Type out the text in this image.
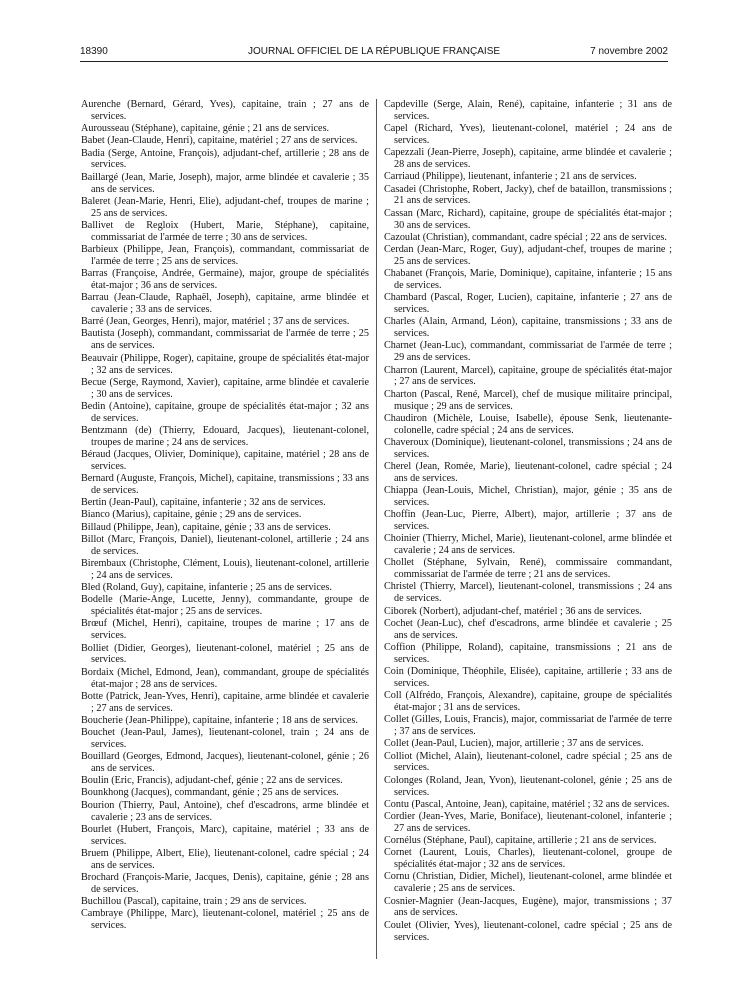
18390	JOURNAL OFFICIEL DE LA RÉPUBLIQUE FRANÇAISE	7 novembre 2002
Aurenche (Bernard, Gérard, Yves), capitaine, train ; 27 ans de services.
Aurousseau (Stéphane), capitaine, génie ; 21 ans de services.
Babet (Jean-Claude, Henri), capitaine, matériel ; 27 ans de services.
Badia (Serge, Antoine, François), adjudant-chef, artillerie ; 28 ans de services.
Baillargé (Jean, Marie, Joseph), major, arme blindée et cavalerie ; 35 ans de services.
Baleret (Jean-Marie, Henri, Elie), adjudant-chef, troupes de marine ; 25 ans de services.
Ballivet de Regloix (Hubert, Marie, Stéphane), capitaine, commissariat de l'armée de terre ; 30 ans de services.
Barbieux (Philippe, Jean, François), commandant, commissariat de l'armée de terre ; 25 ans de services.
Barras (Françoise, Andrée, Germaine), major, groupe de spécialités état-major ; 36 ans de services.
Barrau (Jean-Claude, Raphaël, Joseph), capitaine, arme blindée et cavalerie ; 33 ans de services.
Barré (Jean, Georges, Henri), major, matériel ; 37 ans de services.
Bautista (Joseph), commandant, commissariat de l'armée de terre ; 25 ans de services.
Beauvair (Philippe, Roger), capitaine, groupe de spécialités état-major ; 32 ans de services.
Becue (Serge, Raymond, Xavier), capitaine, arme blindée et cavalerie ; 30 ans de services.
Bedin (Antoine), capitaine, groupe de spécialités état-major ; 32 ans de services.
Bentzmann (de) (Thierry, Edouard, Jacques), lieutenant-colonel, troupes de marine ; 24 ans de services.
Béraud (Jacques, Olivier, Dominique), capitaine, matériel ; 28 ans de services.
Bernard (Auguste, François, Michel), capitaine, transmissions ; 33 ans de services.
Bertin (Jean-Paul), capitaine, infanterie ; 32 ans de services.
Bianco (Marius), capitaine, génie ; 29 ans de services.
Billaud (Philippe, Jean), capitaine, génie ; 33 ans de services.
Billot (Marc, François, Daniel), lieutenant-colonel, artillerie ; 24 ans de services.
Birembaux (Christophe, Clément, Louis), lieutenant-colonel, artillerie ; 24 ans de services.
Bled (Roland, Guy), capitaine, infanterie ; 25 ans de services.
Bodelle (Marie-Ange, Lucette, Jenny), commandante, groupe de spécialités état-major ; 25 ans de services.
Brœuf (Michel, Henri), capitaine, troupes de marine ; 17 ans de services.
Bolliet (Didier, Georges), lieutenant-colonel, matériel ; 25 ans de services.
Bordaix (Michel, Edmond, Jean), commandant, groupe de spécialités état-major ; 28 ans de services.
Botte (Patrick, Jean-Yves, Henri), capitaine, arme blindée et cavalerie ; 27 ans de services.
Boucherie (Jean-Philippe), capitaine, infanterie ; 18 ans de services.
Bouchet (Jean-Paul, James), lieutenant-colonel, train ; 24 ans de services.
Bouillard (Georges, Edmond, Jacques), lieutenant-colonel, génie ; 26 ans de services.
Boulin (Eric, Francis), adjudant-chef, génie ; 22 ans de services.
Bounkhong (Jacques), commandant, génie ; 25 ans de services.
Bourion (Thierry, Paul, Antoine), chef d'escadrons, arme blindée et cavalerie ; 23 ans de services.
Bourlet (Hubert, François, Marc), capitaine, matériel ; 33 ans de services.
Bruem (Philippe, Albert, Elie), lieutenant-colonel, cadre spécial ; 24 ans de services.
Brochard (François-Marie, Jacques, Denis), capitaine, génie ; 28 ans de services.
Buchillou (Pascal), capitaine, train ; 29 ans de services.
Cambraye (Philippe, Marc), lieutenant-colonel, matériel ; 25 ans de services.
Capdeville (Serge, Alain, René), capitaine, infanterie ; 31 ans de services.
Capel (Richard, Yves), lieutenant-colonel, matériel ; 24 ans de services.
Capezzali (Jean-Pierre, Joseph), capitaine, arme blindée et cavalerie ; 28 ans de services.
Carriaud (Philippe), lieutenant, infanterie ; 21 ans de services.
Casadei (Christophe, Robert, Jacky), chef de bataillon, transmissions ; 21 ans de services.
Cassan (Marc, Richard), capitaine, groupe de spécialités état-major ; 30 ans de services.
Cazoulat (Christian), commandant, cadre spécial ; 22 ans de services.
Cerdan (Jean-Marc, Roger, Guy), adjudant-chef, troupes de marine ; 25 ans de services.
Chabanet (François, Marie, Dominique), capitaine, infanterie ; 15 ans de services.
Chambard (Pascal, Roger, Lucien), capitaine, infanterie ; 27 ans de services.
Charles (Alain, Armand, Léon), capitaine, transmissions ; 33 ans de services.
Charnet (Jean-Luc), commandant, commissariat de l'armée de terre ; 29 ans de services.
Charron (Laurent, Marcel), capitaine, groupe de spécialités état-major ; 27 ans de services.
Charton (Pascal, René, Marcel), chef de musique militaire principal, musique ; 29 ans de services.
Chaudiron (Michèle, Louise, Isabelle), épouse Senk, lieutenante-colonelle, cadre spécial ; 24 ans de services.
Chaveroux (Dominique), lieutenant-colonel, transmissions ; 24 ans de services.
Cherel (Jean, Romée, Marie), lieutenant-colonel, cadre spécial ; 24 ans de services.
Chiappa (Jean-Louis, Michel, Christian), major, génie ; 35 ans de services.
Choffin (Jean-Luc, Pierre, Albert), major, artillerie ; 37 ans de services.
Choinier (Thierry, Michel, Marie), lieutenant-colonel, arme blindée et cavalerie ; 24 ans de services.
Chollet (Stéphane, Sylvain, René), commissaire commandant, commissariat de l'armée de terre ; 21 ans de services.
Christel (Thierry, Marcel), lieutenant-colonel, transmissions ; 24 ans de services.
Ciborek (Norbert), adjudant-chef, matériel ; 36 ans de services.
Cochet (Jean-Luc), chef d'escadrons, arme blindée et cavalerie ; 25 ans de services.
Coffion (Philippe, Roland), capitaine, transmissions ; 21 ans de services.
Coin (Dominique, Théophile, Elisée), capitaine, artillerie ; 33 ans de services.
Coll (Alfrédo, François, Alexandre), capitaine, groupe de spécialités état-major ; 31 ans de services.
Collet (Gilles, Louis, Francis), major, commissariat de l'armée de terre ; 37 ans de services.
Collet (Jean-Paul, Lucien), major, artillerie ; 37 ans de services.
Colliot (Michel, Alain), lieutenant-colonel, cadre spécial ; 25 ans de services.
Colonges (Roland, Jean, Yvon), lieutenant-colonel, génie ; 25 ans de services.
Contu (Pascal, Antoine, Jean), capitaine, matériel ; 32 ans de services.
Cordier (Jean-Yves, Marie, Boniface), lieutenant-colonel, infanterie ; 27 ans de services.
Cornélus (Stéphane, Paul), capitaine, artillerie ; 21 ans de services.
Cornet (Laurent, Louis, Charles), lieutenant-colonel, groupe de spécialités état-major ; 32 ans de services.
Cornu (Christian, Didier, Michel), lieutenant-colonel, arme blindée et cavalerie ; 25 ans de services.
Cosnier-Magnier (Jean-Jacques, Eugène), major, transmissions ; 37 ans de services.
Coulet (Olivier, Yves), lieutenant-colonel, cadre spécial ; 25 ans de services.
